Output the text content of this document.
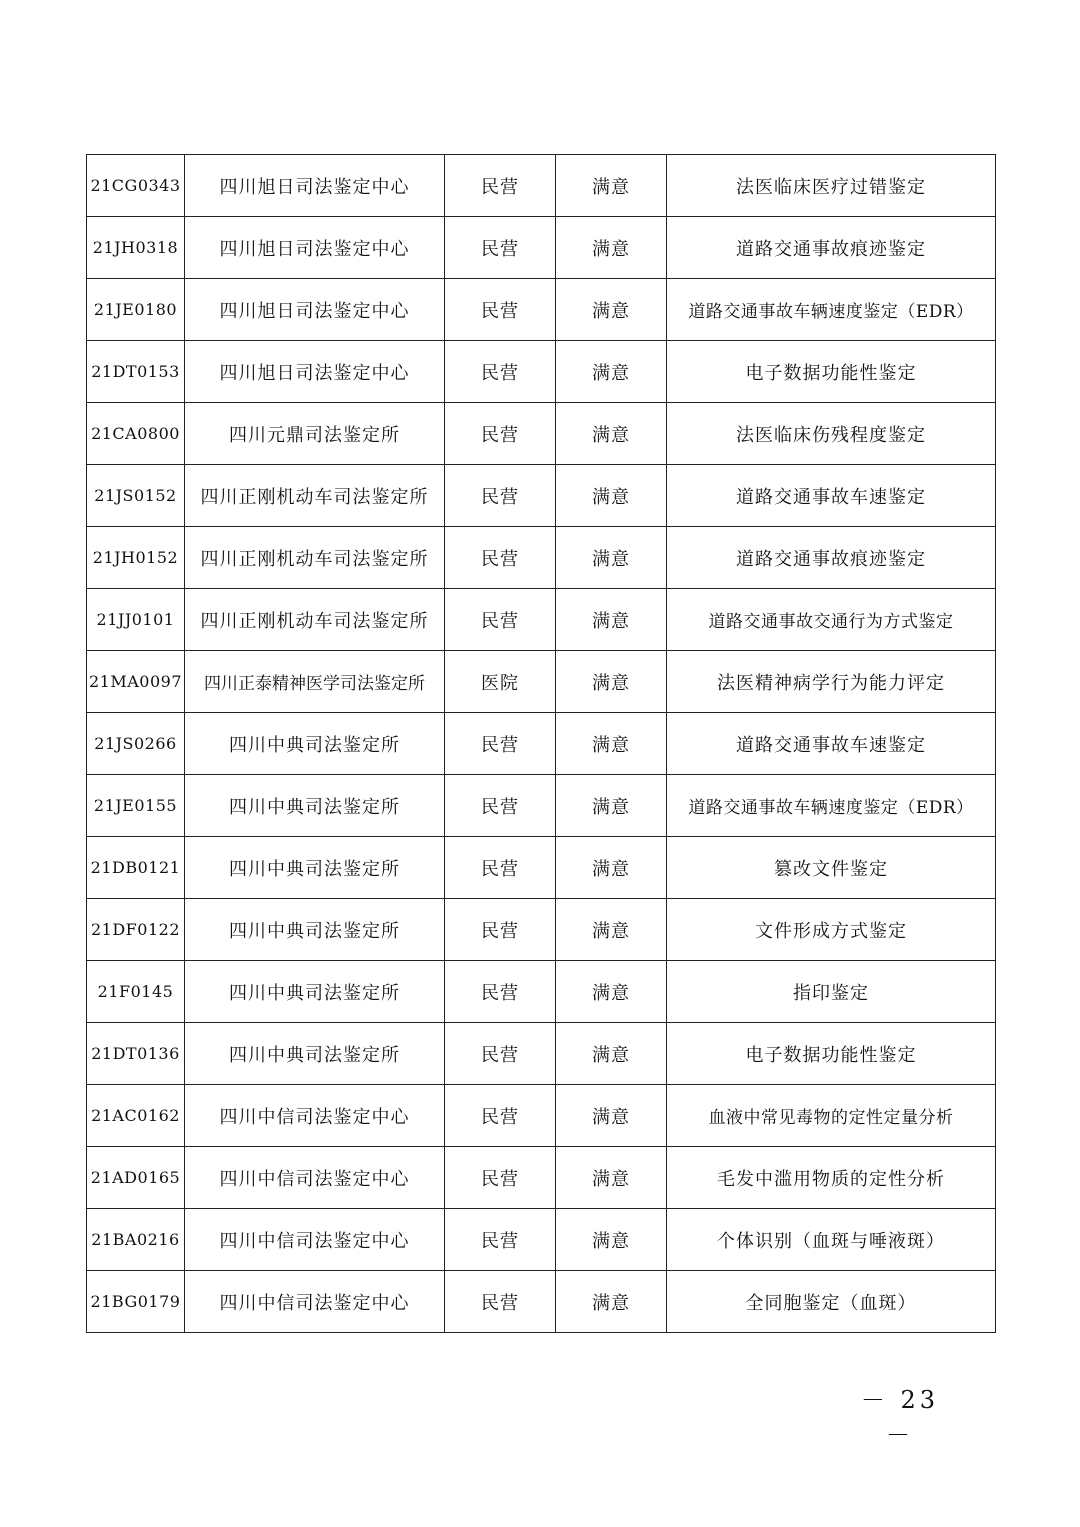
21CG0343	四川旭日司法鉴定中心	民营	满意	法医临床医疗过错鉴定
21JH0318	四川旭日司法鉴定中心	民营	满意	道路交通事故痕迹鉴定
21JE0180	四川旭日司法鉴定中心	民营	满意	道路交通事故车辆速度鉴定（EDR）
21DT0153	四川旭日司法鉴定中心	民营	满意	电子数据功能性鉴定
21CA0800	四川元鼎司法鉴定所	民营	满意	法医临床伤残程度鉴定
21JS0152	四川正刚机动车司法鉴定所	民营	满意	道路交通事故车速鉴定
21JH0152	四川正刚机动车司法鉴定所	民营	满意	道路交通事故痕迹鉴定
21JJ0101	四川正刚机动车司法鉴定所	民营	满意	道路交通事故交通行为方式鉴定
21MA0097	四川正泰精神医学司法鉴定所	医院	满意	法医精神病学行为能力评定
21JS0266	四川中典司法鉴定所	民营	满意	道路交通事故车速鉴定
21JE0155	四川中典司法鉴定所	民营	满意	道路交通事故车辆速度鉴定（EDR）
21DB0121	四川中典司法鉴定所	民营	满意	篡改文件鉴定
21DF0122	四川中典司法鉴定所	民营	满意	文件形成方式鉴定
21F0145	四川中典司法鉴定所	民营	满意	指印鉴定
21DT0136	四川中典司法鉴定所	民营	满意	电子数据功能性鉴定
21AC0162	四川中信司法鉴定中心	民营	满意	血液中常见毒物的定性定量分析
21AD0165	四川中信司法鉴定中心	民营	满意	毛发中滥用物质的定性分析
21BA0216	四川中信司法鉴定中心	民营	满意	个体识别（血斑与唾液斑）
21BG0179	四川中信司法鉴定中心	民营	满意	全同胞鉴定（血斑）
－ 23 －
